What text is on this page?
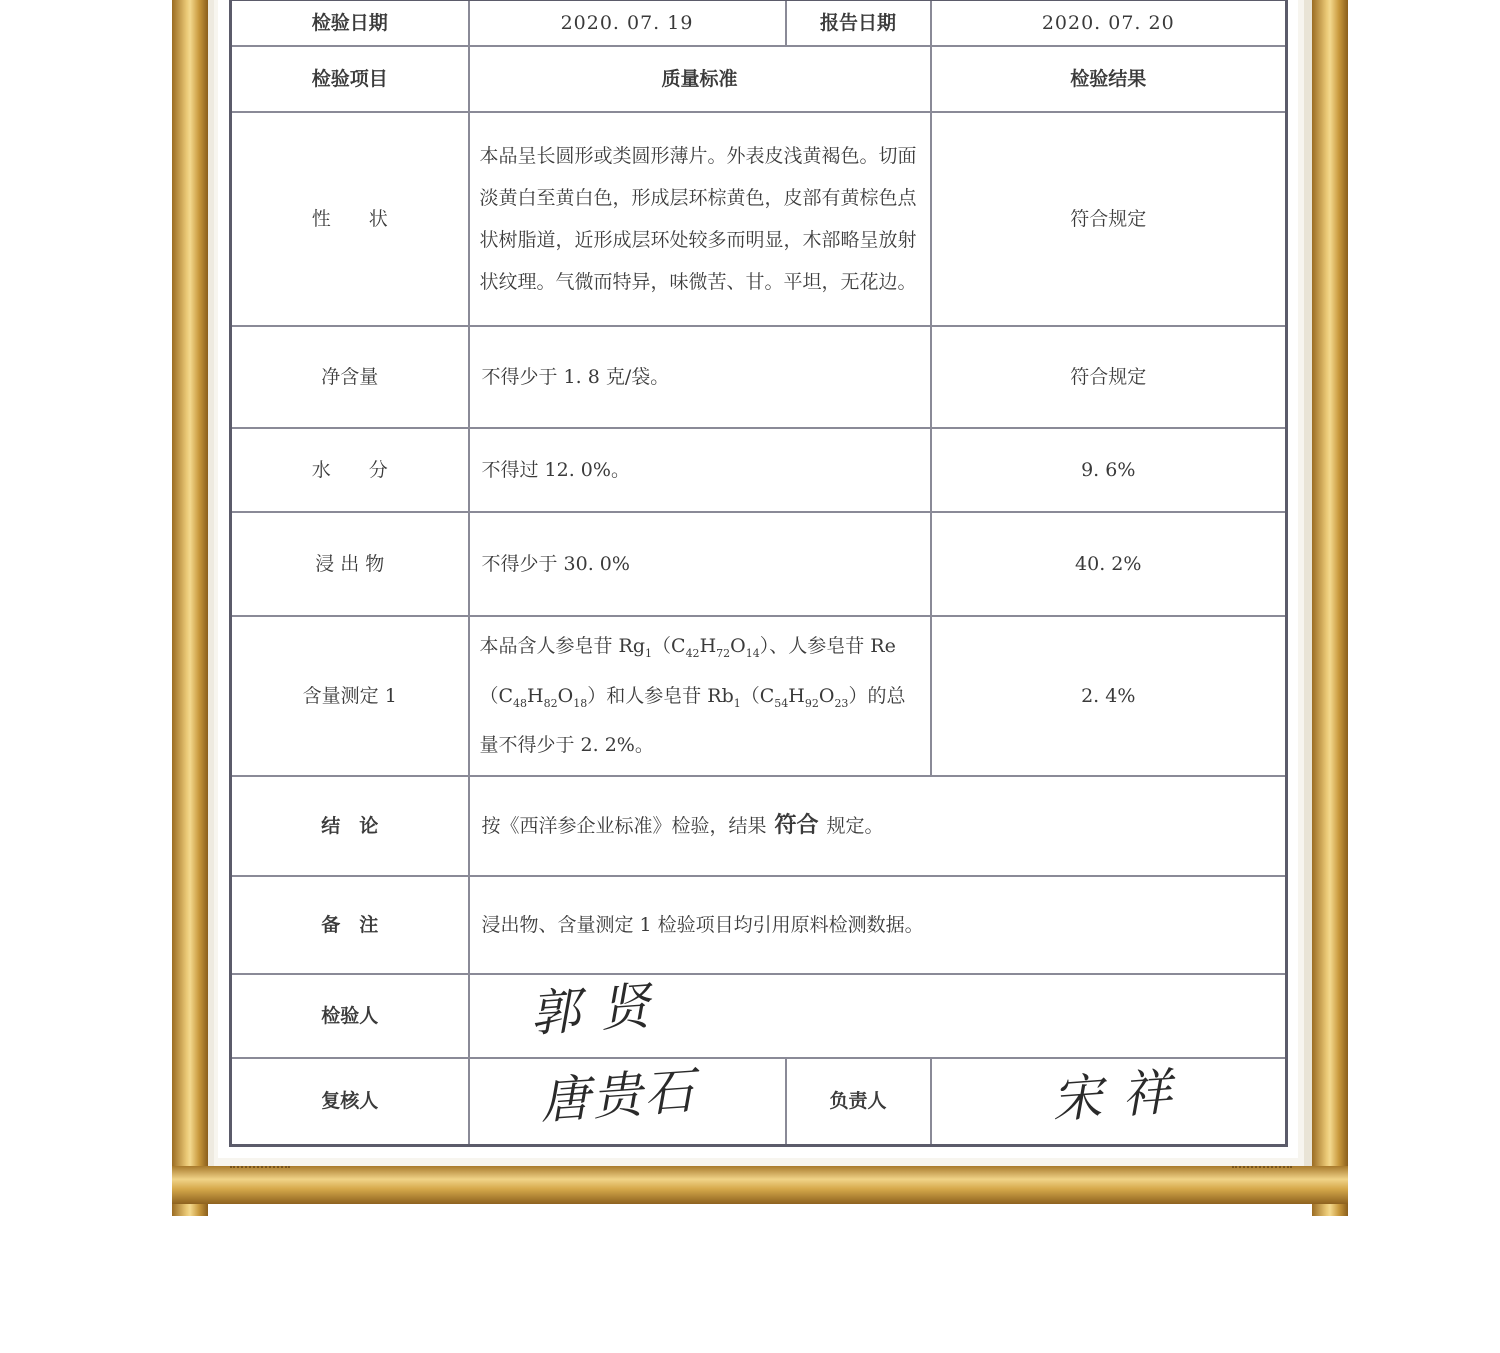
检验日期	2020. 07. 19	报告日期	2020. 07. 20
检验项目	质量标准		检验结果
性　　状	本品呈长圆形或类圆形薄片。外表皮浅黄褐色。切面淡黄白至黄白色，形成层环棕黄色，皮部有黄棕色点状树脂道，近形成层环处较多而明显，木部略呈放射状纹理。气微而特异，味微苦、甘。平坦，无花边。		符合规定
净含量	不得少于 1. 8 克/袋。		符合规定
水　　分	不得过 12. 0%。		9. 6%
浸 出 物	不得少于 30. 0%		40. 2%
含量测定 1	本品含人参皂苷 $Rg_1(C_{42}H_{72}O_{14})$、人参皂苷 Re $(C_{48}H_{82}O_{18})$和人参皂苷 $Rb_1(C_{54}H_{92}O_{23})$的总量不得少于 2. 2%。		2. 4%
结　论	按《西洋参企业标准》检验，结果 符合 规定。		
备　注	浸出物、含量测定 1 检验项目均引用原料检测数据。		
检验人	郭 贤		
复核人	唐贵石	负责人	宋 祥
